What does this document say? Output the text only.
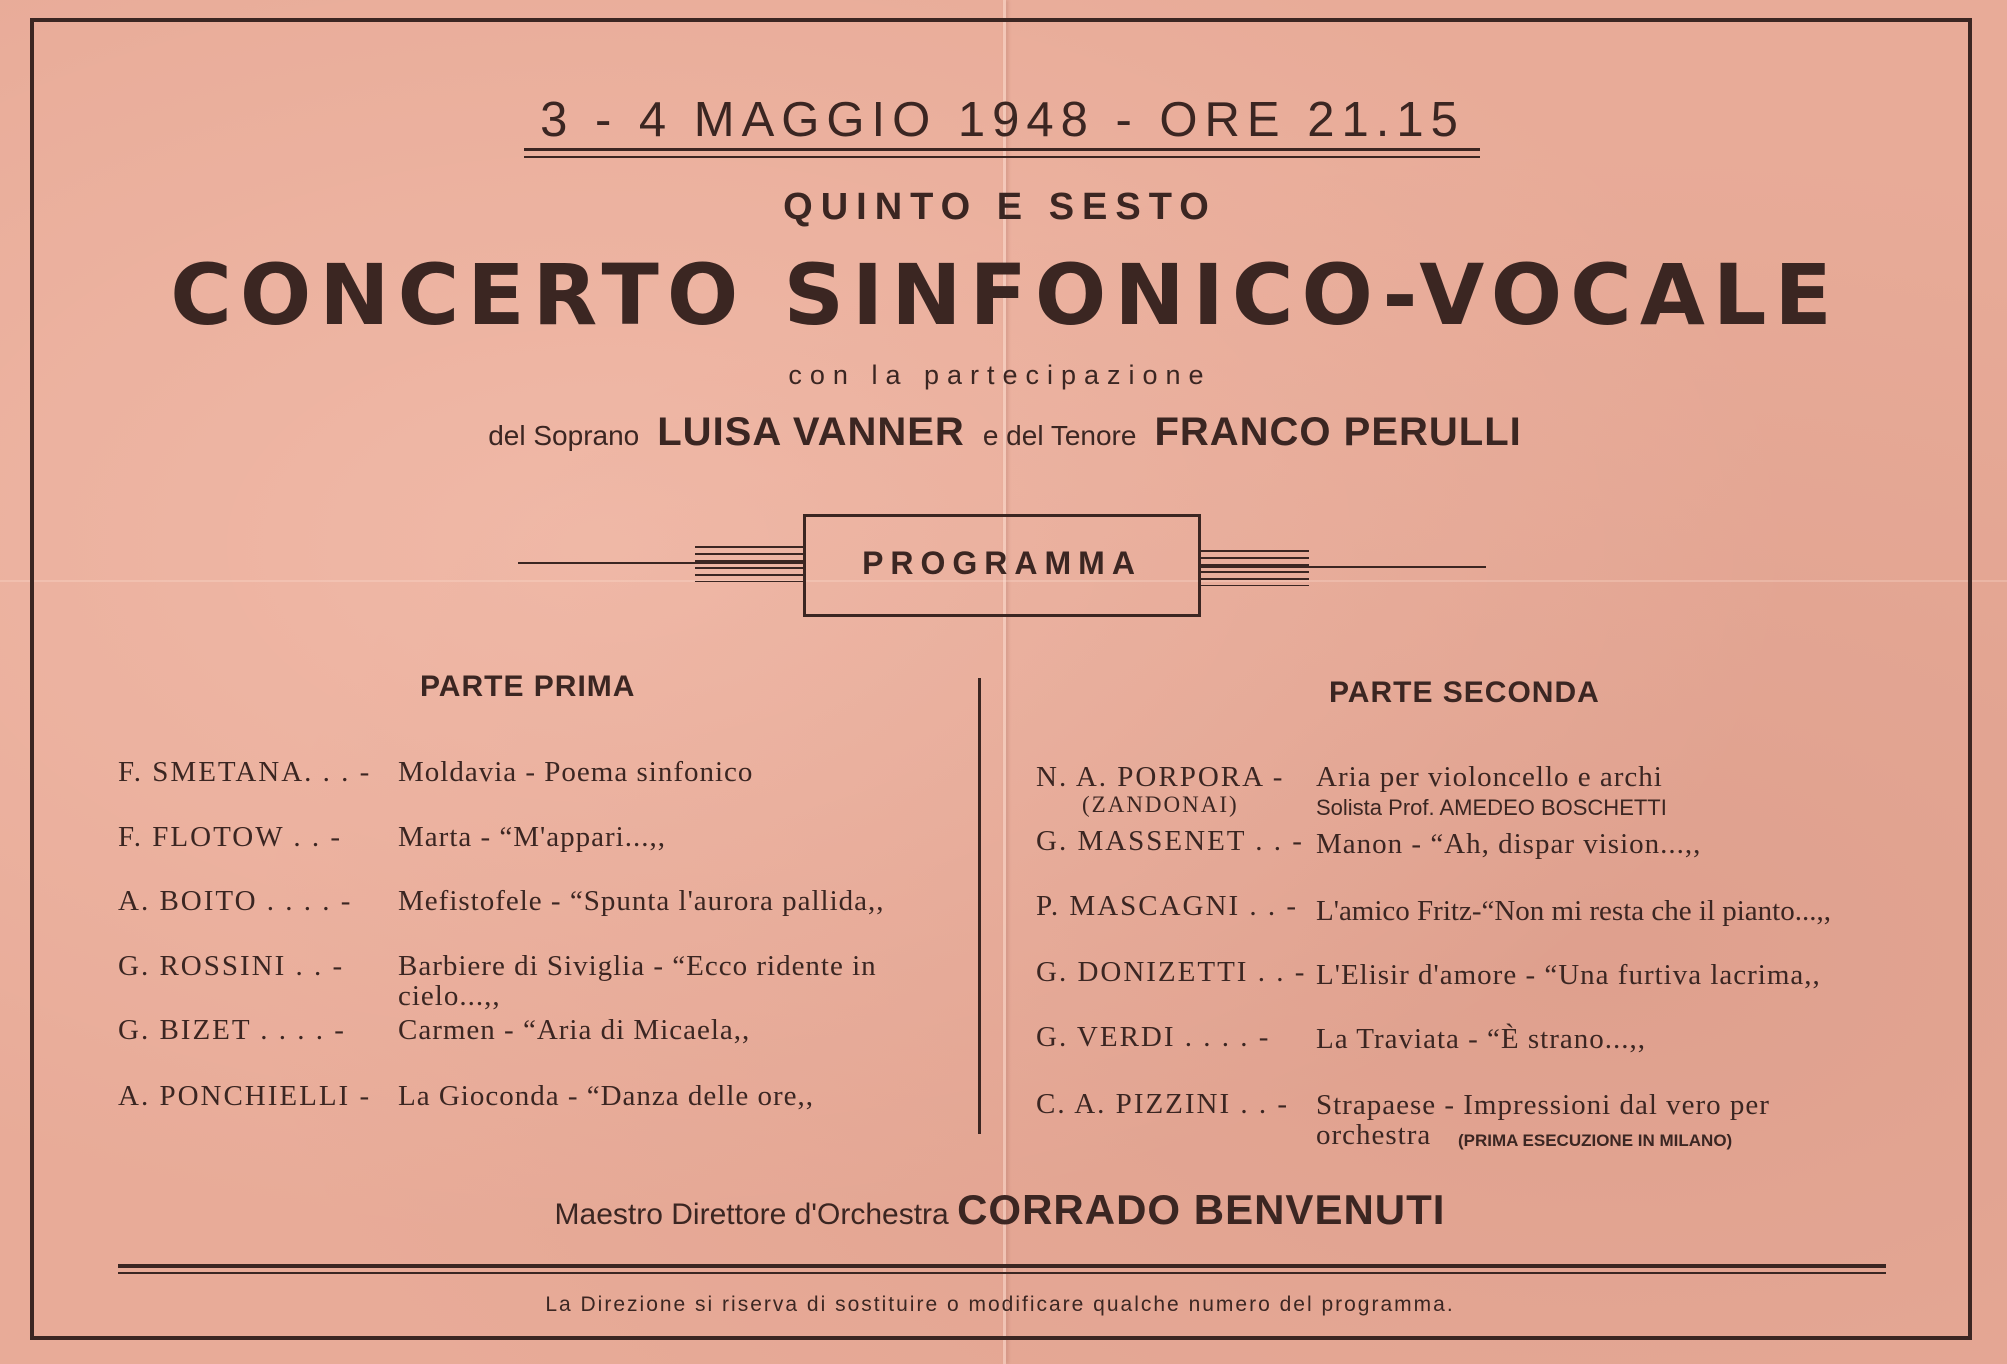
3 - 4 MAGGIO 1948 - ORE 21.15
QUINTO E SESTO
CONCERTO SINFONICO-VOCALE
con la partecipazione
del Soprano LUISA VANNER e del Tenore FRANCO PERULLI
PROGRAMMA
PARTE PRIMA	PARTE SECONDA
F. SMETANA. . . - Moldavia - Poema sinfonico
F. FLOTOW . . - Marta - “M'appari...,,
A. BOITO . . . . - Mefistofele - “Spunta l'aurora pallida,,
G. ROSSINI . . - Barbiere di Siviglia - “Ecco ridente in cielo...,,
G. BIZET . . . . - Carmen - “Aria di Micaela,,
A. PONCHIELLI - La Gioconda - “Danza delle ore,,
N. A. PORPORA -
(ZANDONAI)
Aria per violoncello e archi
Solista Prof. AMEDEO BOSCHETTI
G. MASSENET . . - Manon - “Ah, dispar vision...,,
P. MASCAGNI . . - L'amico Fritz-“Non mi resta che il pianto...,,
G. DONIZETTI . . - L'Elisir d'amore - “Una furtiva lacrima,,
G. VERDI . . . . - La Traviata - “È strano...,,
C. A. PIZZINI . . - Strapaese - Impressioni dal vero per orchestra	(PRIMA ESECUZIONE IN MILANO)
Maestro Direttore d'Orchestra CORRADO BENVENUTI
La Direzione si riserva di sostituire o modificare qualche numero del programma.
